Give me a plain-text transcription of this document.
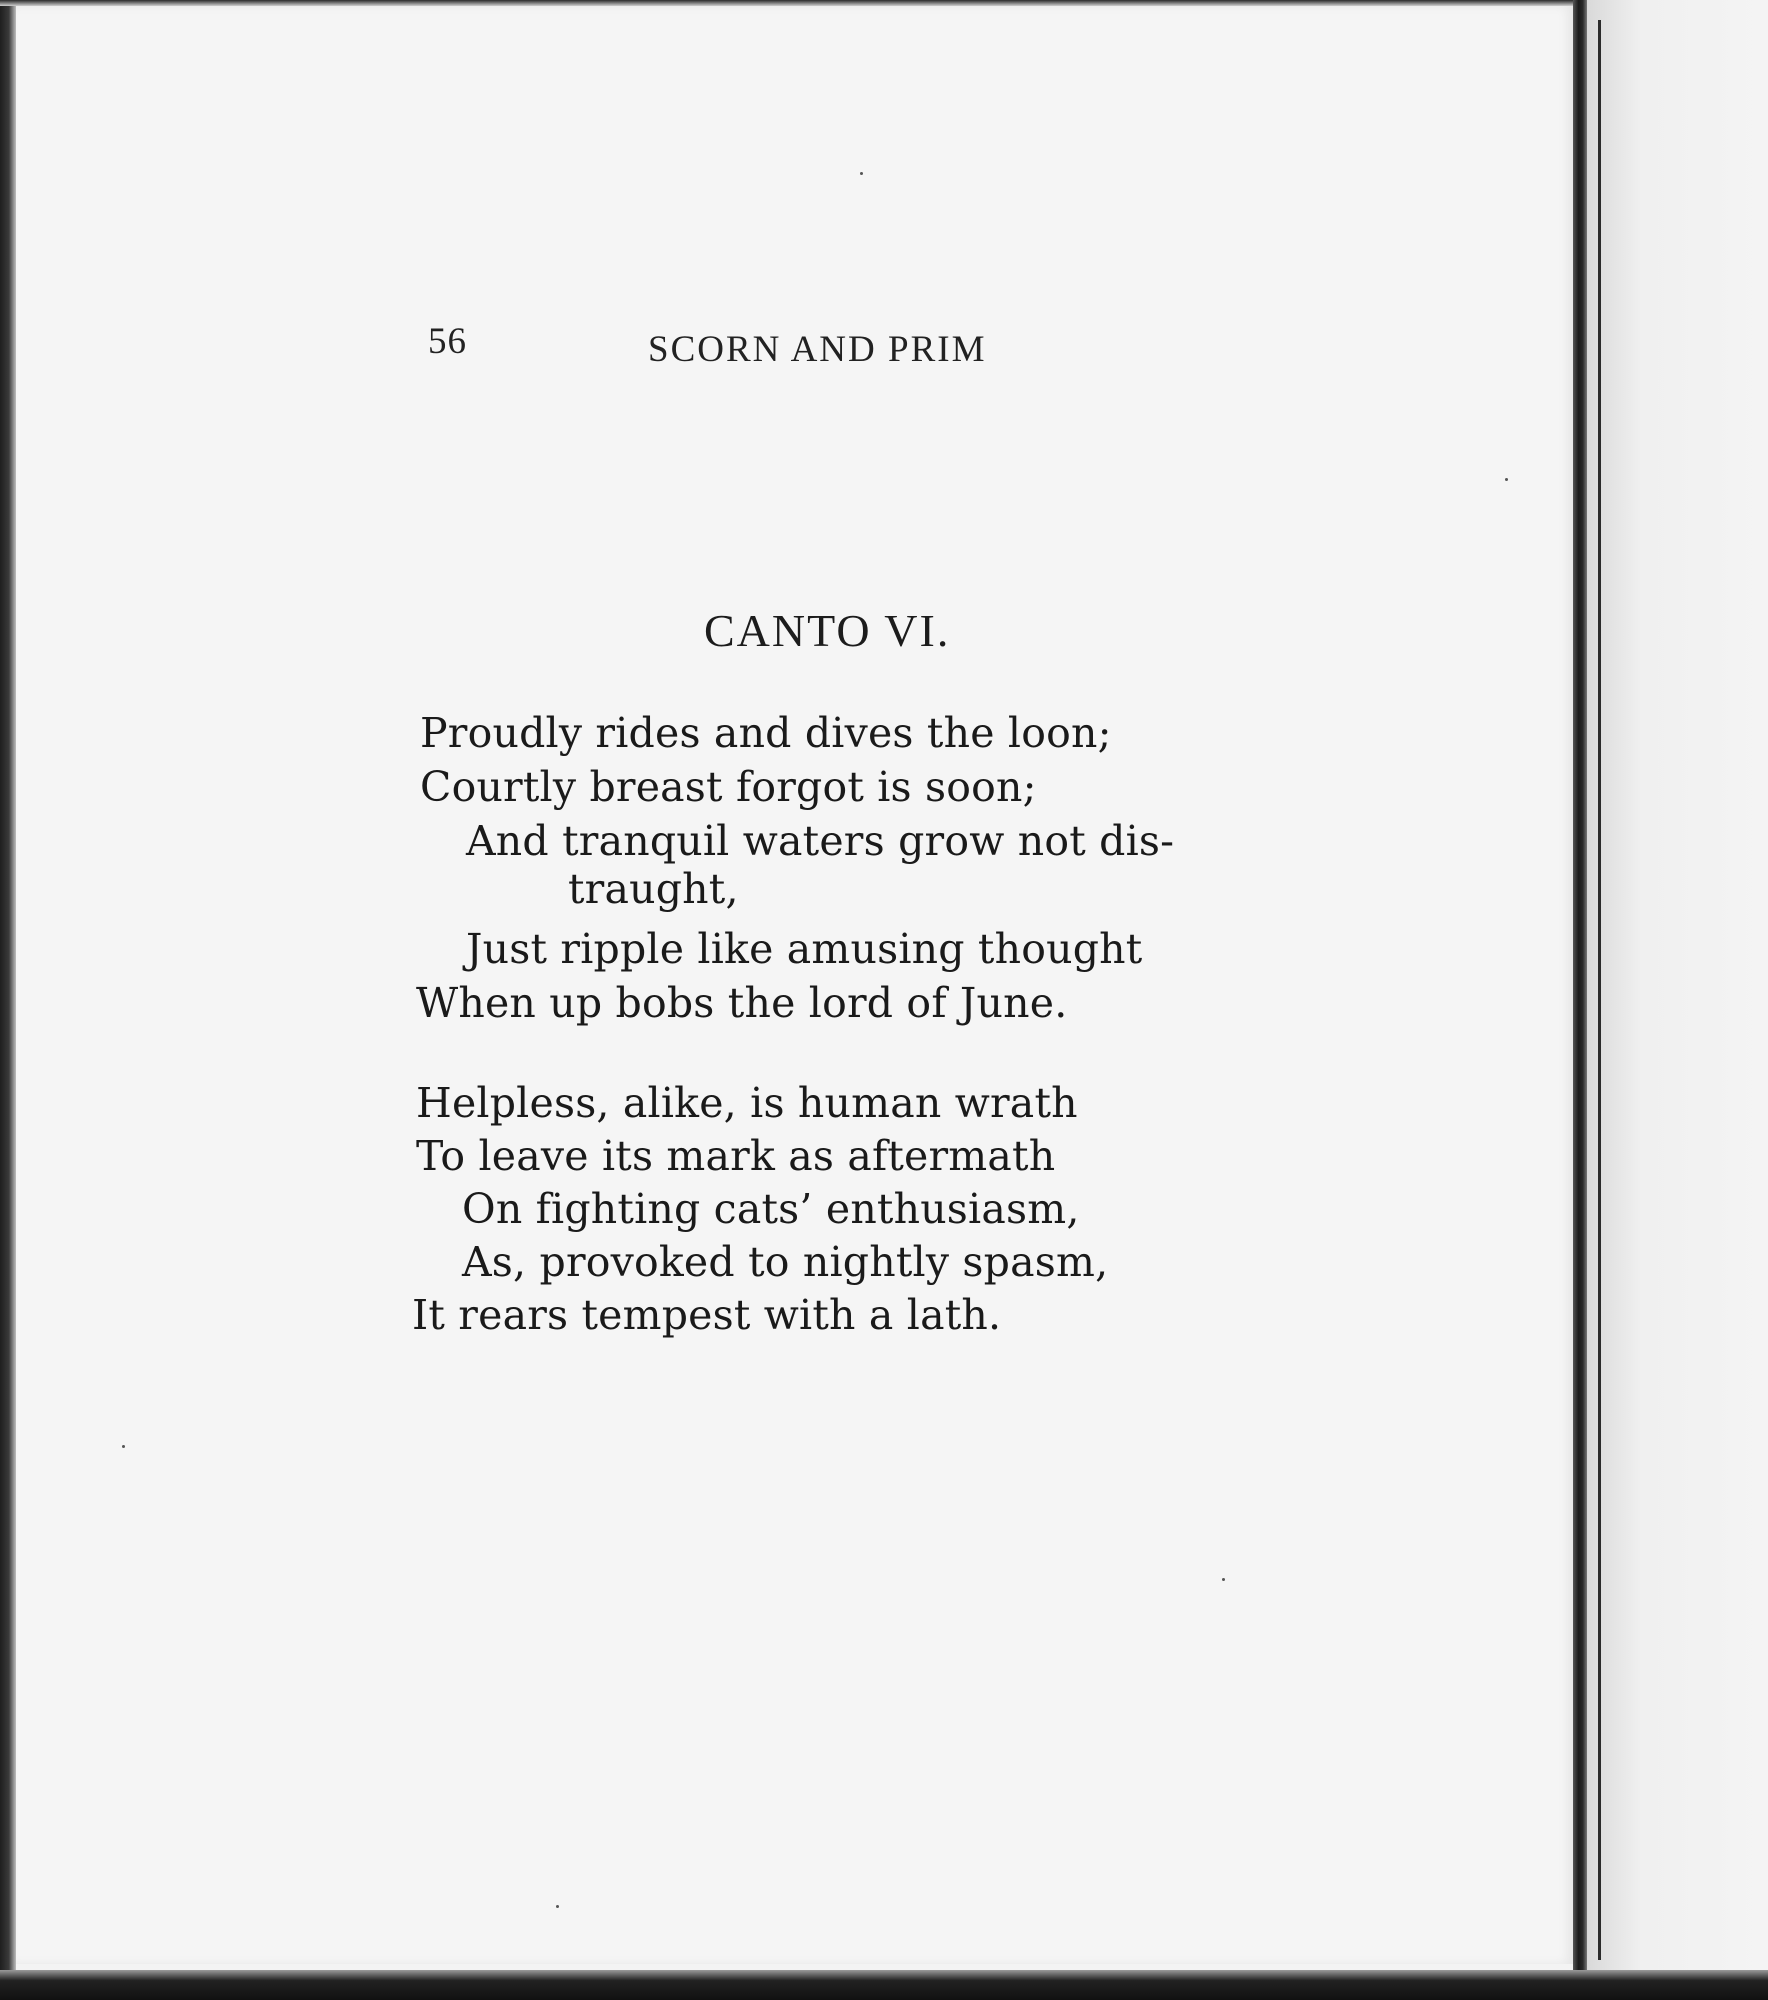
56	SCORN AND PRIM
CANTO VI.
Proudly rides and dives the loon;
Courtly breast forgot is soon;
And tranquil waters grow not dis-
traught,
Just ripple like amusing thought
When up bobs the lord of June.
Helpless, alike, is human wrath
To leave its mark as aftermath
On fighting cats’ enthusiasm,
As, provoked to nightly spasm,
It rears tempest with a lath.
